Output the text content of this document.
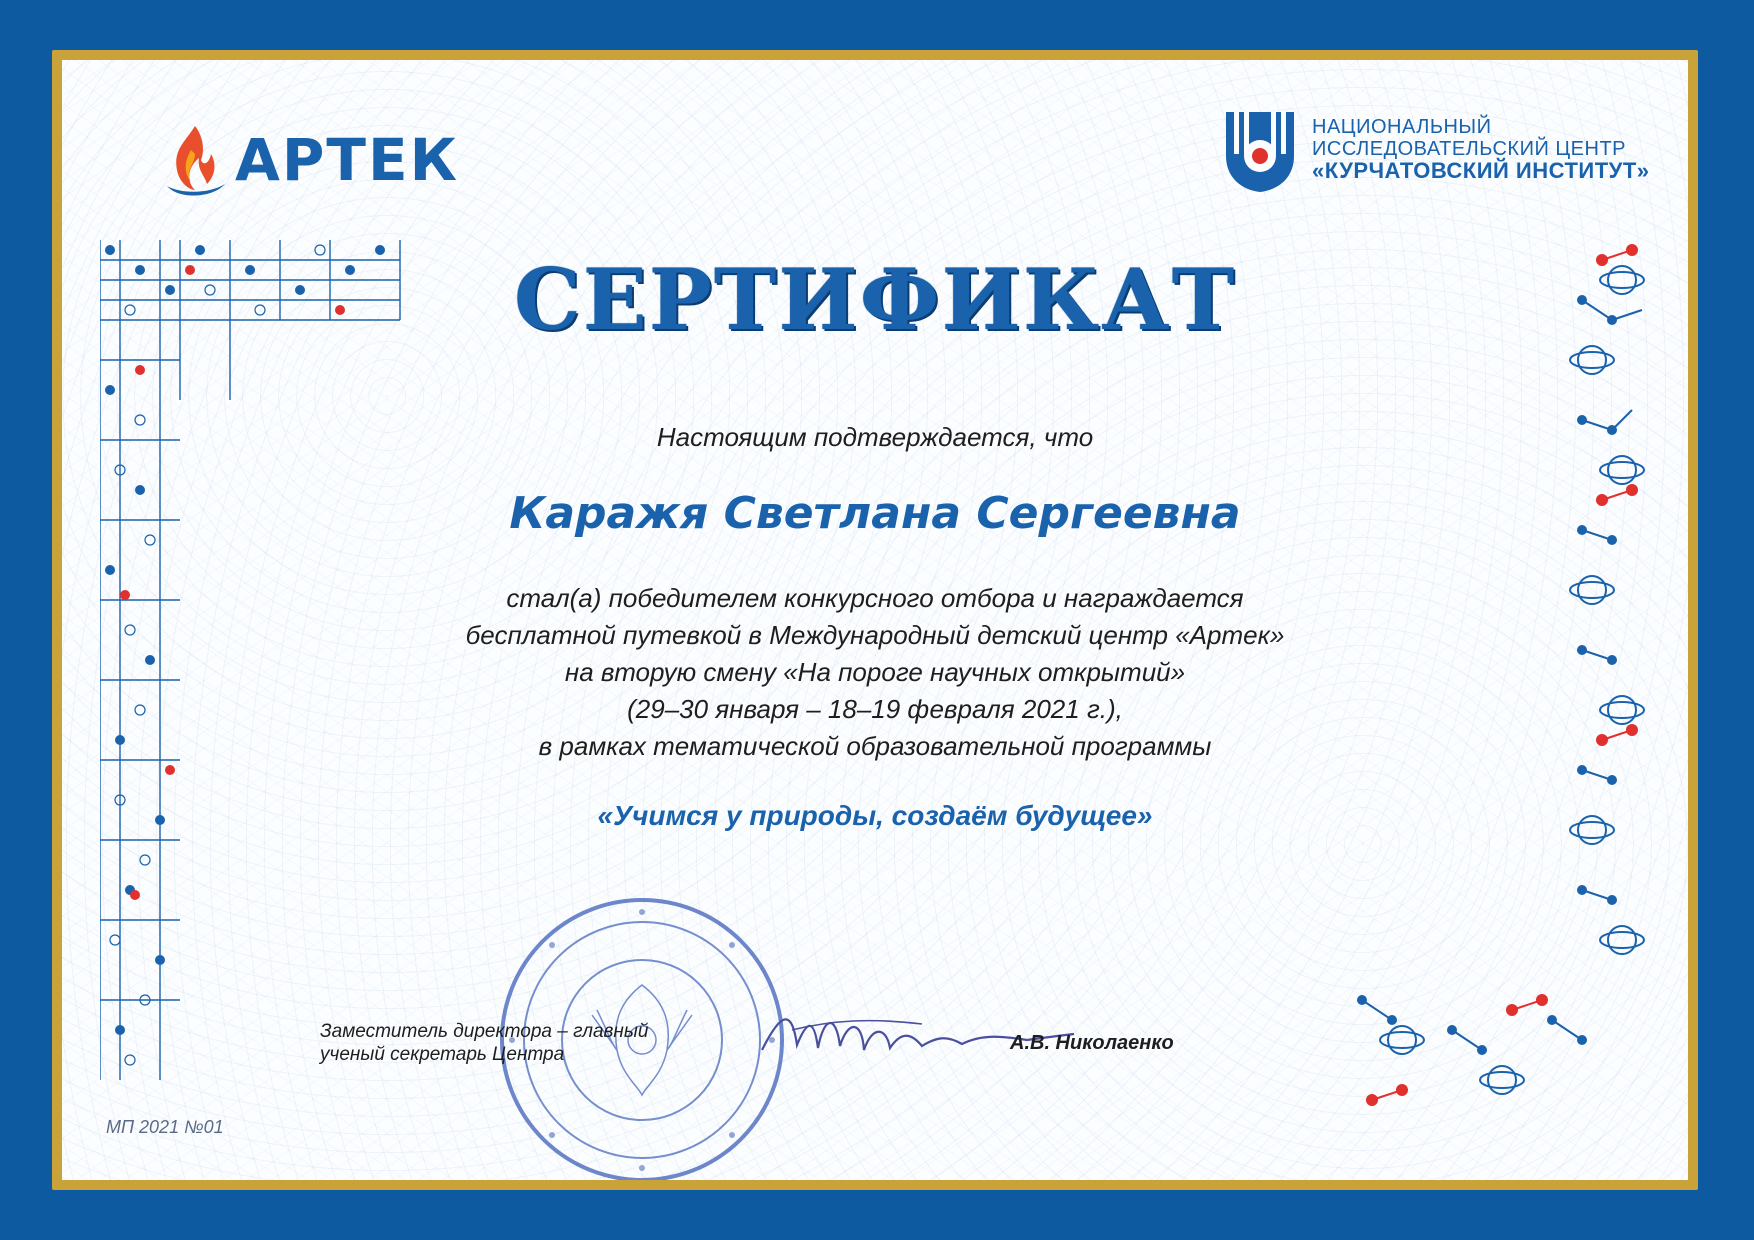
АРТЕК	НАЦИОНАЛЬНЫЙ
ИССЛЕДОВАТЕЛЬСКИЙ ЦЕНТР
«КУРЧАТОВСКИЙ ИНСТИТУТ»
СЕРТИФИКАТ
Настоящим подтверждается, что
Каражя Светлана Сергеевна
стал(а) победителем конкурсного отбора и награждается
бесплатной путевкой в Международный детский центр «Артек»
на вторую смену «На пороге научных открытий»
(29–30 января – 18–19 февраля 2021 г.),
в рамках тематической образовательной программы
«Учимся у природы, создаём будущее»
Заместитель директора – главный
ученый секретарь Центра
А.В. Николаенко
МП 2021 №01
